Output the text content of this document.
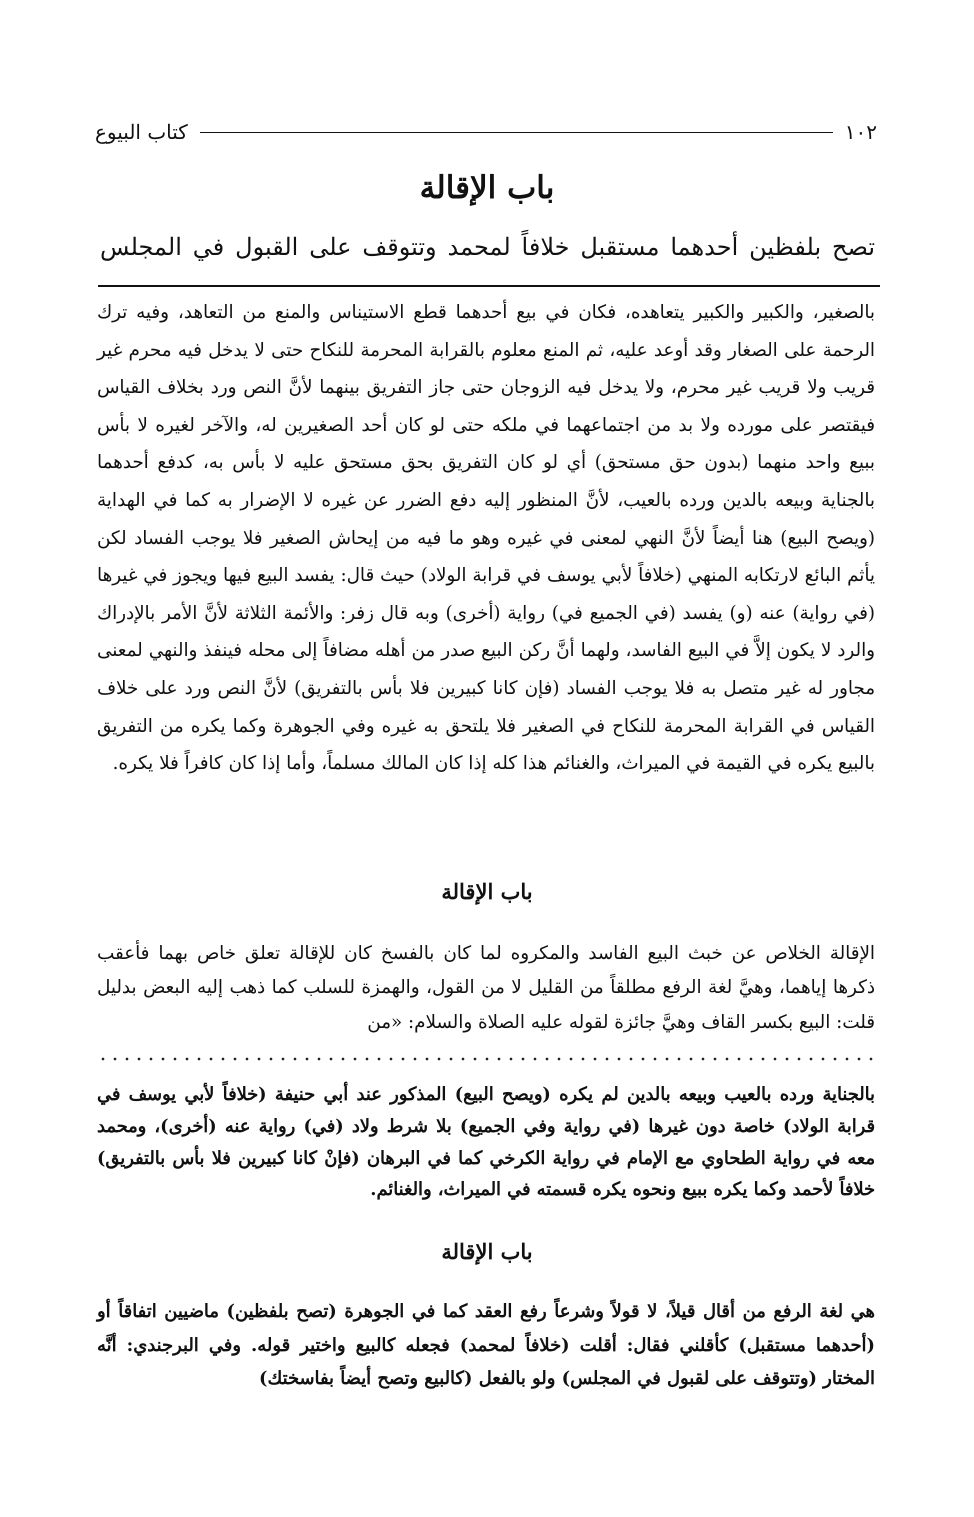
كتاب البيوع	١٠٢
باب الإقالة
تصح بلفظين أحدهما مستقبل خلافاً لمحمد وتتوقف على القبول في المجلس

بالصغير، والكبير والكبير يتعاهده، فكان في بيع أحدهما قطع الاستيناس والمنع من التعاهد، وفيه ترك الرحمة على الصغار وقد أوعد عليه، ثم المنع معلوم بالقرابة المحرمة للنكاح حتى لا يدخل فيه محرم غير قريب ولا قريب غير محرم، ولا يدخل فيه الزوجان حتى جاز التفريق بينهما لأنَّ النص ورد بخلاف القياس فيقتصر على مورده ولا بد من اجتماعهما في ملكه حتى لو كان أحد الصغيرين له، والآخر لغيره لا بأس ببيع واحد منهما (بدون حق مستحق) أي لو كان التفريق بحق مستحق عليه لا بأس به، كدفع أحدهما بالجناية وبيعه بالدين ورده بالعيب، لأنَّ المنظور إليه دفع الضرر عن غيره لا الإضرار به كما في الهداية (ويصح البيع) هنا أيضاً لأنَّ النهي لمعنى في غيره وهو ما فيه من إيحاش الصغير فلا يوجب الفساد لكن يأثم البائع لارتكابه المنهي (خلافاً لأبي يوسف في قرابة الولاد) حيث قال: يفسد البيع فيها ويجوز في غيرها (في رواية) عنه (و) يفسد (في الجميع في) رواية (أخرى) وبه قال زفر: والأئمة الثلاثة لأنَّ الأمر بالإدراك والرد لا يكون إلاَّ في البيع الفاسد، ولهما أنَّ ركن البيع صدر من أهله مضافاً إلى محله فينفذ والنهي لمعنى مجاور له غير متصل به فلا يوجب الفساد (فإن كانا كبيرين فلا بأس بالتفريق) لأنَّ النص ورد على خلاف القياس في القرابة المحرمة للنكاح في الصغير فلا يلتحق به غيره وفي الجوهرة وكما يكره من التفريق بالبيع يكره في القيمة في الميراث، والغنائم هذا كله إذا كان المالك مسلماً، وأما إذا كان كافراً فلا يكره.

باب الإقالة

الإقالة الخلاص عن خبث البيع الفاسد والمكروه لما كان بالفسخ كان للإقالة تعلق خاص بهما فأعقب ذكرها إياهما، وهيَّ لغة الرفع مطلقاً من القليل لا من القول، والهمزة للسلب كما ذهب إليه البعض بدليل قلت: البيع بكسر القاف وهيَّ جائزة لقوله عليه الصلاة والسلام: «من

بالجناية ورده بالعيب وبيعه بالدين لم يكره (ويصح البيع) المذكور عند أبي حنيفة (خلافاً لأبي يوسف في قرابة الولاد) خاصة دون غيرها (في رواية وفي الجميع) بلا شرط ولاد (في) رواية عنه (أخرى)، ومحمد معه في رواية الطحاوي مع الإمام في رواية الكرخي كما في البرهان (فإنْ كانا كبيرين فلا بأس بالتفريق) خلافاً لأحمد وكما يكره ببيع ونحوه يكره قسمته في الميراث، والغنائم.

باب الإقالة

هي لغة الرفع من أقال قيلاً، لا قولاً وشرعاً رفع العقد كما في الجوهرة (تصح بلفظين) ماضيين اتفاقاً أو (أحدهما مستقبل) كأقلني فقال: أقلت (خلافاً لمحمد) فجعله كالبيع واختير قوله. وفي البرجندي: أنَّه المختار (وتتوقف على لقبول في المجلس) ولو بالفعل (كالبيع وتصح أيضاً بفاسختك)
